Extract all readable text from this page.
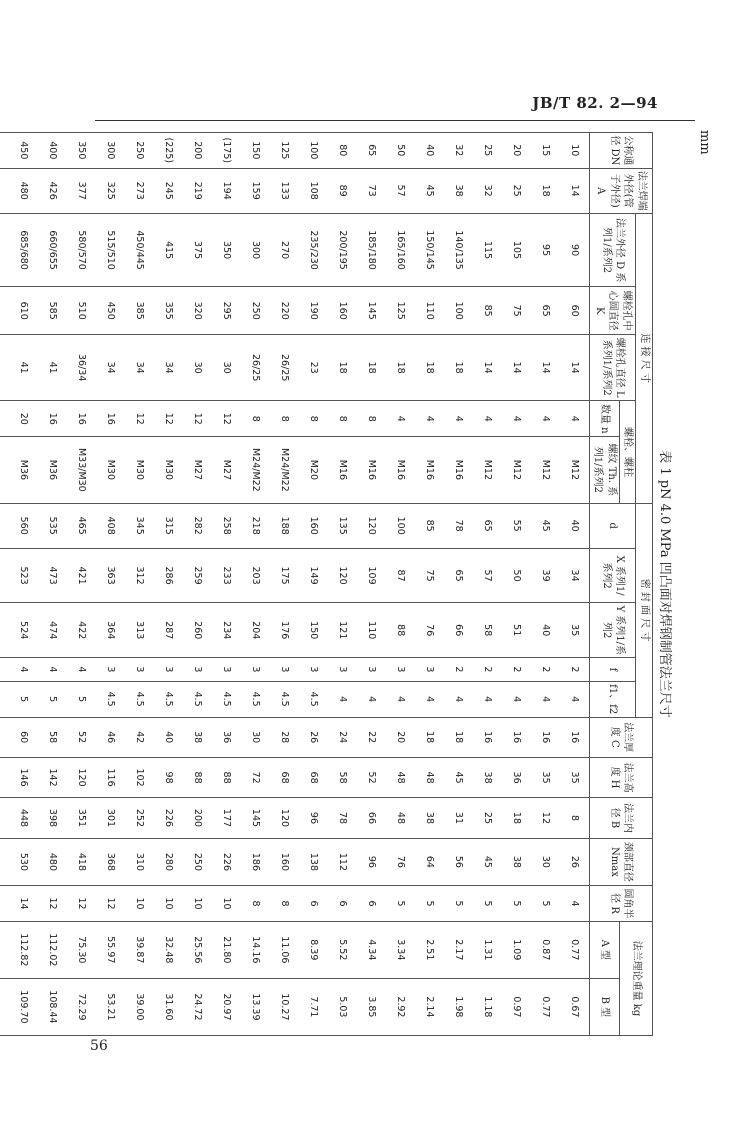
JB/T 82. 2—94
mm
表 1 pN 4.0 MPa 凹凸面对焊钢制管法兰尺寸
公称通径 DN	法兰焊端外径(管子外径) A	连 接 尺 寸					密 封 面 尺 寸					法兰厚度 C	法兰高度 H	法兰内径 B	颈部直径 Nmax	圆角半径 R	法兰理论重量 kg	
		法兰外径 D 系列1/系列2	螺栓孔中心圆直径 K	螺栓孔直径 L 系列1/系列2	螺栓、螺柱		d	X 系列1/系列2	Y 系列1/系列2	f	f1、f2							
					数量 n	螺纹 Th. 系列1/系列2											A 型	B 型
10	14	90	60	14	4	M12	40	34	35	2	4	16	35	8	26	4	0.77	0.67
15	18	95	65	14	4	M12	45	39	40	2	4	16	35	12	30	5	0.87	0.77
20	25	105	75	14	4	M12	55	50	51	2	4	16	36	18	38	5	1.09	0.97
25	32	115	85	14	4	M12	65	57	58	2	4	16	38	25	45	5	1.31	1.18
32	38	140/135	100	18	4	M16	78	65	66	2	4	18	45	31	56	5	2.17	1.98
40	45	150/145	110	18	4	M16	85	75	76	3	4	18	48	38	64	5	2.51	2.14
50	57	165/160	125	18	4	M16	100	87	88	3	4	20	48	48	76	5	3.34	2.92
65	73	185/180	145	18	8	M16	120	109	110	3	4	22	52	66	96	6	4.34	3.85
80	89	200/195	160	18	8	M16	135	120	121	3	4	24	58	78	112	6	5.52	5.03
100	108	235/230	190	23	8	M20	160	149	150	3	4.5	26	68	96	138	6	8.39	7.71
125	133	270	220	26/25	8	M24/M22	188	175	176	3	4.5	28	68	120	160	8	11.06	10.27
150	159	300	250	26/25	8	M24/M22	218	203	204	3	4.5	30	72	145	186	8	14.16	13.39
(175)	194	350	295	30	12	M27	258	233	234	3	4.5	36	88	177	226	10	21.80	20.97
200	219	375	320	30	12	M27	282	259	260	3	4.5	38	88	200	250	10	25.56	24.72
(225)	245	415	355	34	12	M30	315	286	287	3	4.5	40	98	226	280	10	32.48	31.60
250	273	450/445	385	34	12	M30	345	312	313	3	4.5	42	102	252	310	10	39.87	39.00
300	325	515/510	450	34	16	M30	408	363	364	3	4.5	46	116	301	368	12	55.97	53.21
350	377	580/570	510	36/34	16	M33/M30	465	421	422	4	5	52	120	351	418	12	75.30	72.29
400	426	660/655	585	41	16	M36	535	473	474	4	5	58	142	398	480	12	112.02	108.44
450	480	685/680	610	41	20	M36	560	523	524	4	5	60	146	448	530	14	112.82	109.70

56
